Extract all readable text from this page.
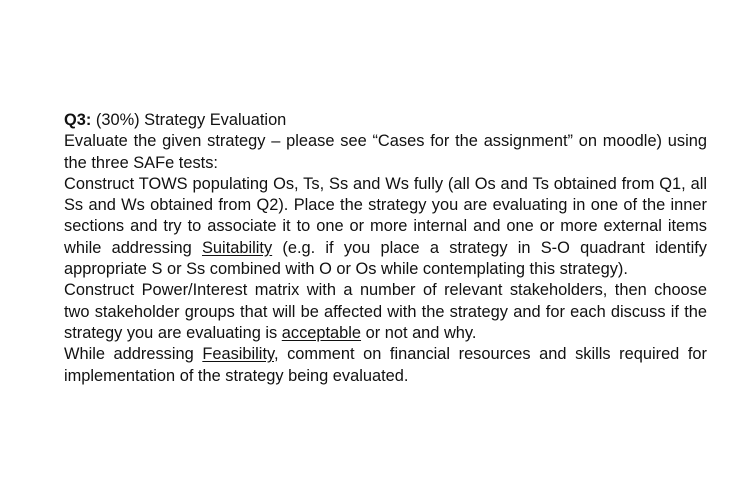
Q3: (30%) Strategy Evaluation

Evaluate the given strategy – please see “Cases for the assignment” on moodle) using the three SAFe tests:

Construct TOWS populating Os, Ts, Ss and Ws fully (all Os and Ts obtained from Q1, all Ss and Ws obtained from Q2). Place the strategy you are evaluating in one of the inner sections and try to associate it to one or more internal and one or more external items while addressing Suitability (e.g. if you place a strategy in S-O quadrant identify appropriate S or Ss combined with O or Os while contemplating this strategy).

Construct Power/Interest matrix with a number of relevant stakeholders, then choose two stakeholder groups that will be affected with the strategy and for each discuss if the strategy you are evaluating is acceptable or not and why.

While addressing Feasibility, comment on financial resources and skills required for implementation of the strategy being evaluated.
